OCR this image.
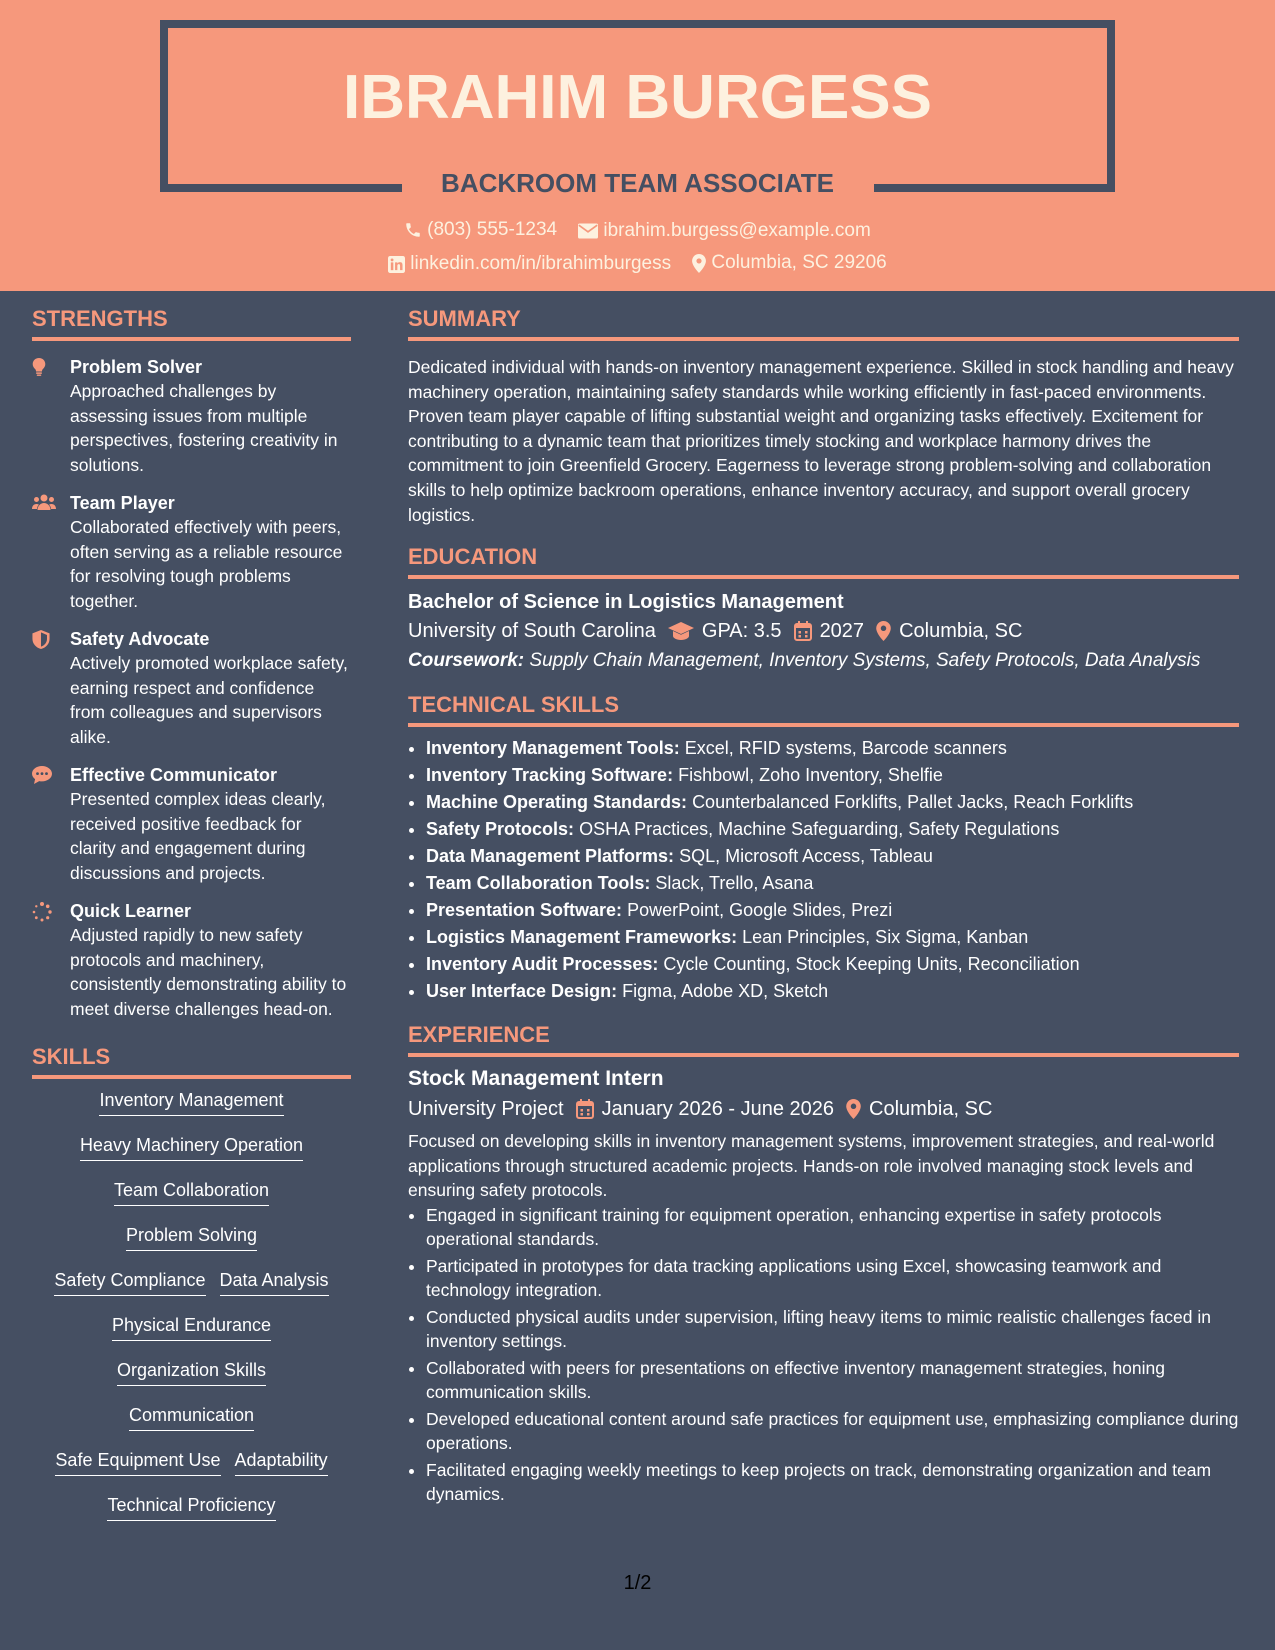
IBRAHIM BURGESS
BACKROOM TEAM ASSOCIATE
(803) 555-1234
ibrahim.burgess@example.com
linkedin.com/in/ibrahimburgess
Columbia, SC 29206
STRENGTHS
Problem Solver
Approached challenges by assessing issues from multiple perspectives, fostering creativity in solutions.
Team Player
Collaborated effectively with peers, often serving as a reliable resource for resolving tough problems together.
Safety Advocate
Actively promoted workplace safety, earning respect and confidence from colleagues and supervisors alike.
Effective Communicator
Presented complex ideas clearly, received positive feedback for clarity and engagement during discussions and projects.
Quick Learner
Adjusted rapidly to new safety protocols and machinery, consistently demonstrating ability to meet diverse challenges head-on.
SKILLS
Inventory Management
Heavy Machinery Operation
Team Collaboration
Problem Solving
Safety Compliance Data Analysis
Physical Endurance
Organization Skills
Communication
Safe Equipment Use Adaptability
Technical Proficiency
SUMMARY
Dedicated individual with hands-on inventory management experience. Skilled in stock handling and heavy machinery operation, maintaining safety standards while working efficiently in fast-paced environments. Proven team player capable of lifting substantial weight and organizing tasks effectively. Excitement for contributing to a dynamic team that prioritizes timely stocking and workplace harmony drives the commitment to join Greenfield Grocery. Eagerness to leverage strong problem-solving and collaboration skills to help optimize backroom operations, enhance inventory accuracy, and support overall grocery logistics.
EDUCATION
Bachelor of Science in Logistics Management
University of South Carolina GPA: 3.5 2027 Columbia, SC
Coursework: Supply Chain Management, Inventory Systems, Safety Protocols, Data Analysis
TECHNICAL SKILLS
• Inventory Management Tools: Excel, RFID systems, Barcode scanners
• Inventory Tracking Software: Fishbowl, Zoho Inventory, Shelfie
• Machine Operating Standards: Counterbalanced Forklifts, Pallet Jacks, Reach Forklifts
• Safety Protocols: OSHA Practices, Machine Safeguarding, Safety Regulations
• Data Management Platforms: SQL, Microsoft Access, Tableau
• Team Collaboration Tools: Slack, Trello, Asana
• Presentation Software: PowerPoint, Google Slides, Prezi
• Logistics Management Frameworks: Lean Principles, Six Sigma, Kanban
• Inventory Audit Processes: Cycle Counting, Stock Keeping Units, Reconciliation
• User Interface Design: Figma, Adobe XD, Sketch
EXPERIENCE
Stock Management Intern
University Project January 2026 - June 2026 Columbia, SC
Focused on developing skills in inventory management systems, improvement strategies, and real-world applications through structured academic projects. Hands-on role involved managing stock levels and ensuring safety protocols.
• Engaged in significant training for equipment operation, enhancing expertise in safety protocols operational standards.
• Participated in prototypes for data tracking applications using Excel, showcasing teamwork and technology integration.
• Conducted physical audits under supervision, lifting heavy items to mimic realistic challenges faced in inventory settings.
• Collaborated with peers for presentations on effective inventory management strategies, honing communication skills.
• Developed educational content around safe practices for equipment use, emphasizing compliance during operations.
• Facilitated engaging weekly meetings to keep projects on track, demonstrating organization and team dynamics.
1/2
